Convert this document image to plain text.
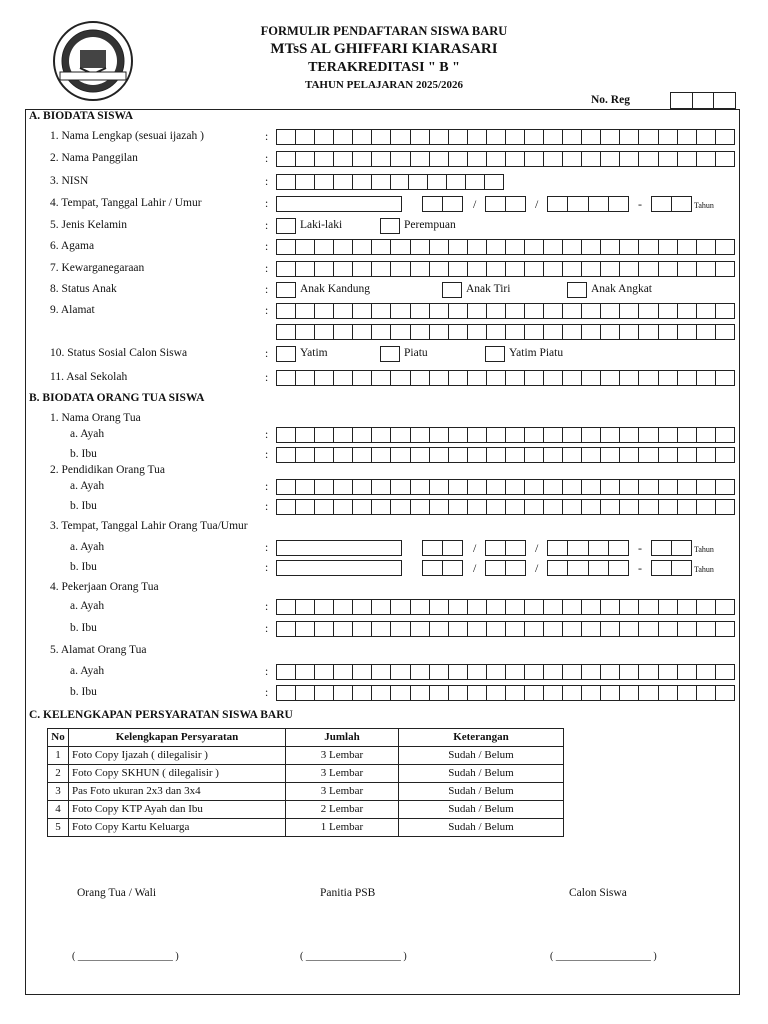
FORMULIR PENDAFTARAN SISWA BARU
MTsS AL GHIFFARI KIARASARI
TERAKREDITASI " B "
TAHUN PELAJARAN 2025/2026
No. Reg
A. BIODATA SISWA
1. Nama Lengkap (sesuai ijazah )	:
2. Nama Panggilan	:
3. NISN	:
4. Tempat, Tanggal Lahir / Umur	:	/	/	-	Tahun
5. Jenis Kelamin	:	Laki-laki	Perempuan
6. Agama	:
7. Kewarganegaraan	:
8. Status Anak	:	Anak Kandung	Anak Tiri	Anak Angkat
9. Alamat	:
10. Status Sosial Calon Siswa	:	Yatim	Piatu	Yatim Piatu
11. Asal Sekolah	:
B. BIODATA ORANG TUA SISWA
1. Nama Orang Tua
a. Ayah	:
b. Ibu	:
2. Pendidikan Orang Tua
a. Ayah	:
b. Ibu	:
3. Tempat, Tanggal Lahir Orang Tua/Umur
a. Ayah	:	/	/	-	Tahun
b. Ibu	:	/	/	-	Tahun
4. Pekerjaan Orang Tua
a. Ayah	:
b. Ibu	:
5. Alamat Orang Tua
a. Ayah	:
b. Ibu	:
C. KELENGKAPAN PERSYARATAN SISWA BARU
No	Kelengkapan Persyaratan	Jumlah	Keterangan
1	Foto Copy Ijazah ( dilegalisir )	3 Lembar	Sudah / Belum
2	Foto Copy SKHUN ( dilegalisir )	3 Lembar	Sudah / Belum
3	Pas Foto ukuran 2x3 dan 3x4	3 Lembar	Sudah / Belum
4	Foto Copy KTP Ayah dan Ibu	2 Lembar	Sudah / Belum
5	Foto Copy Kartu Keluarga	1 Lembar	Sudah / Belum
Orang Tua / Wali	Panitia PSB	Calon Siswa
( ___________________ )	( ___________________ )	( ___________________ )
